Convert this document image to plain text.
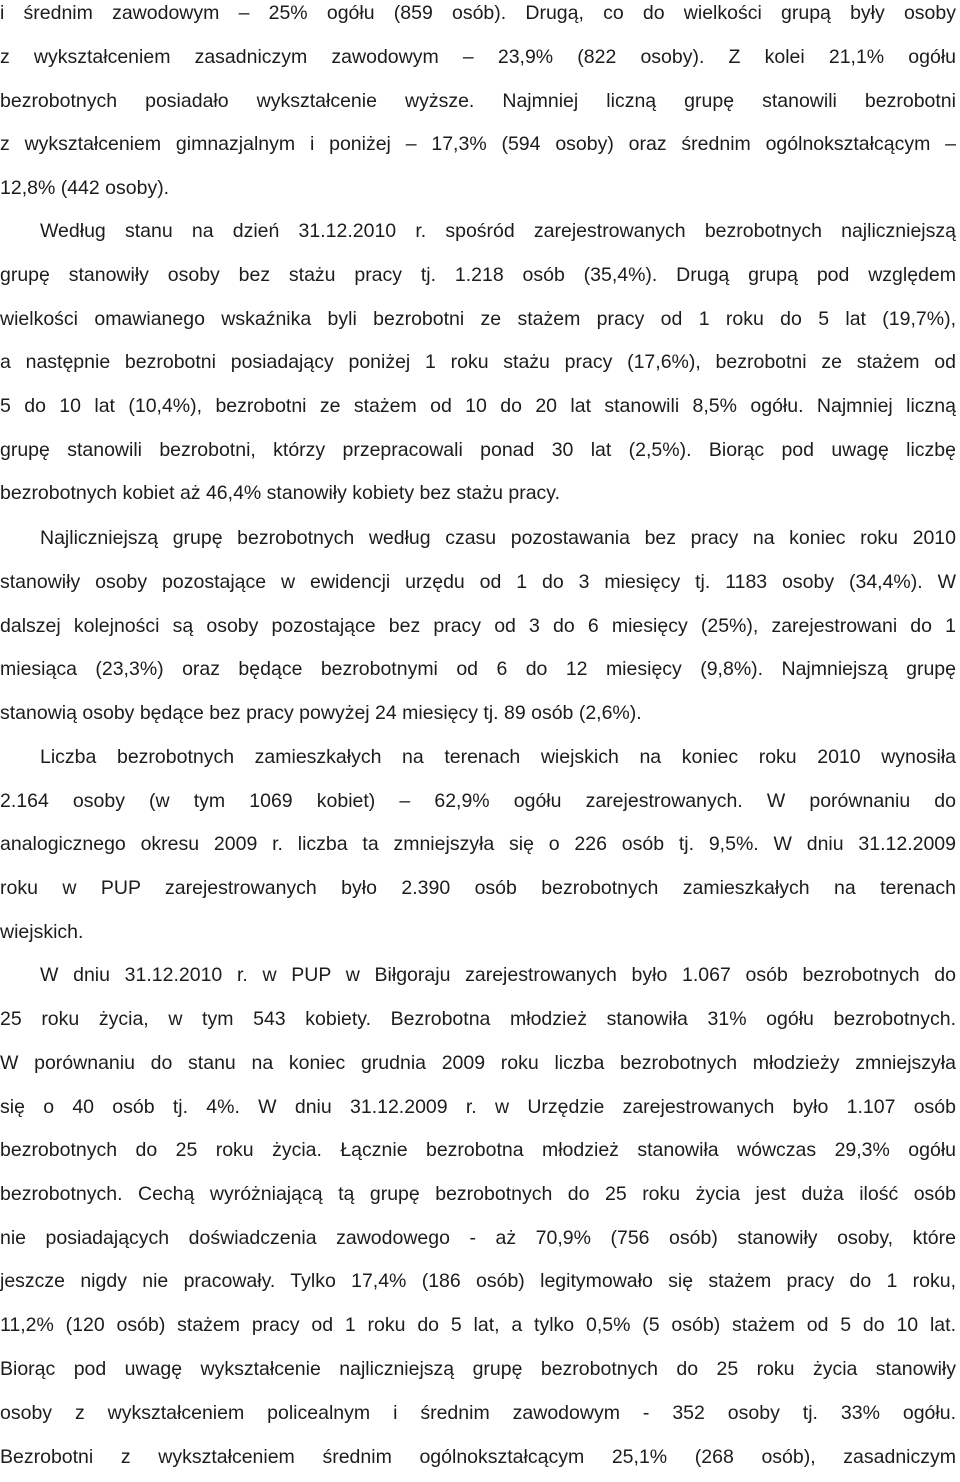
i średnim zawodowym – 25% ogółu (859 osób). Drugą, co do wielkości grupą były osoby

z wykształceniem zasadniczym zawodowym – 23,9% (822 osoby). Z kolei 21,1% ogółu

bezrobotnych posiadało wykształcenie wyższe. Najmniej liczną grupę stanowili bezrobotni

z wykształceniem gimnazjalnym i poniżej – 17,3% (594 osoby) oraz średnim ogólnokształcącym –

12,8% (442 osoby).

Według stanu na dzień 31.12.2010 r. spośród zarejestrowanych bezrobotnych najliczniejszą

grupę stanowiły osoby bez stażu pracy tj. 1.218 osób (35,4%). Drugą grupą pod względem

wielkości omawianego wskaźnika byli bezrobotni ze stażem pracy od 1 roku do 5 lat (19,7%),

a następnie bezrobotni posiadający poniżej 1 roku stażu pracy (17,6%), bezrobotni ze stażem od

5 do 10 lat (10,4%), bezrobotni ze stażem od 10 do 20 lat stanowili 8,5% ogółu. Najmniej liczną

grupę stanowili bezrobotni, którzy przepracowali ponad 30 lat (2,5%). Biorąc pod uwagę liczbę

bezrobotnych kobiet aż 46,4% stanowiły kobiety bez stażu pracy.

Najliczniejszą grupę bezrobotnych według czasu pozostawania bez pracy na koniec roku 2010

stanowiły osoby pozostające w ewidencji urzędu od 1 do 3 miesięcy tj. 1183 osoby (34,4%). W

dalszej kolejności są osoby pozostające bez pracy od 3 do 6 miesięcy (25%), zarejestrowani do 1

miesiąca (23,3%) oraz będące bezrobotnymi od 6 do 12 miesięcy (9,8%). Najmniejszą grupę

stanowią osoby będące bez pracy powyżej 24 miesięcy tj. 89 osób (2,6%).

Liczba bezrobotnych zamieszkałych na terenach wiejskich na koniec roku 2010 wynosiła

2.164 osoby (w tym 1069 kobiet) – 62,9% ogółu zarejestrowanych. W porównaniu do

analogicznego okresu 2009 r. liczba ta zmniejszyła się o 226 osób tj. 9,5%. W dniu 31.12.2009

roku w PUP zarejestrowanych było 2.390 osób bezrobotnych zamieszkałych na terenach

wiejskich.

W dniu 31.12.2010 r. w PUP w Biłgoraju zarejestrowanych było 1.067 osób bezrobotnych do

25 roku życia, w tym 543 kobiety. Bezrobotna młodzież stanowiła 31% ogółu bezrobotnych.

W porównaniu do stanu na koniec grudnia 2009 roku liczba bezrobotnych młodzieży zmniejszyła

się o 40 osób tj. 4%. W dniu 31.12.2009 r. w Urzędzie zarejestrowanych było 1.107 osób

bezrobotnych do 25 roku życia. Łącznie bezrobotna młodzież stanowiła wówczas 29,3% ogółu

bezrobotnych. Cechą wyróżniającą tą grupę bezrobotnych do 25 roku życia jest duża ilość osób

nie posiadających doświadczenia zawodowego - aż 70,9% (756 osób) stanowiły osoby, które

jeszcze nigdy nie pracowały. Tylko 17,4% (186 osób) legitymowało się stażem pracy do 1 roku,

11,2% (120 osób) stażem pracy od 1 roku do 5 lat, a tylko 0,5% (5 osób) stażem od 5 do 10 lat.

Biorąc pod uwagę wykształcenie najliczniejszą grupę bezrobotnych do 25 roku życia stanowiły

osoby z wykształceniem policealnym i średnim zawodowym - 352 osoby tj. 33% ogółu.

Bezrobotni z wykształceniem średnim ogólnokształcącym 25,1% (268 osób), zasadniczym
